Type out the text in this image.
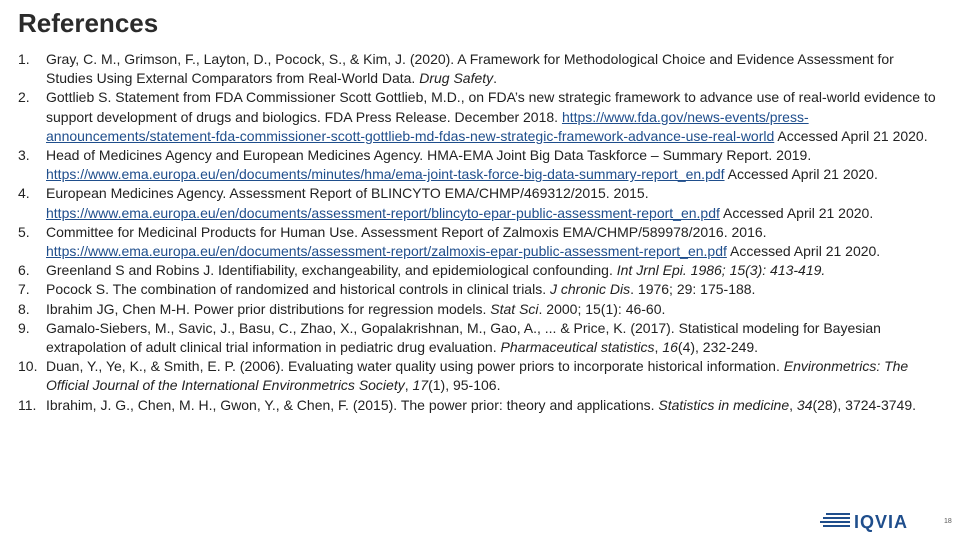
References
1. Gray, C. M., Grimson, F., Layton, D., Pocock, S., & Kim, J. (2020). A Framework for Methodological Choice and Evidence Assessment for Studies Using External Comparators from Real-World Data. Drug Safety.
2. Gottlieb S. Statement from FDA Commissioner Scott Gottlieb, M.D., on FDA’s new strategic framework to advance use of real-world evidence to support development of drugs and biologics. FDA Press Release. December 2018. https://www.fda.gov/news-events/press-announcements/statement-fda-commissioner-scott-gottlieb-md-fdas-new-strategic-framework-advance-use-real-world Accessed April 21 2020.
3. Head of Medicines Agency and European Medicines Agency. HMA-EMA Joint Big Data Taskforce – Summary Report. 2019. https://www.ema.europa.eu/en/documents/minutes/hma/ema-joint-task-force-big-data-summary-report_en.pdf Accessed April 21 2020.
4. European Medicines Agency. Assessment Report of BLINCYTO EMA/CHMP/469312/2015. 2015. https://www.ema.europa.eu/en/documents/assessment-report/blincyto-epar-public-assessment-report_en.pdf Accessed April 21 2020.
5. Committee for Medicinal Products for Human Use. Assessment Report of Zalmoxis EMA/CHMP/589978/2016. 2016. https://www.ema.europa.eu/en/documents/assessment-report/zalmoxis-epar-public-assessment-report_en.pdf Accessed April 21 2020.
6. Greenland S and Robins J. Identifiability, exchangeability, and epidemiological confounding. Int Jrnl Epi. 1986; 15(3): 413-419.
7. Pocock S. The combination of randomized and historical controls in clinical trials. J chronic Dis. 1976; 29: 175-188.
8. Ibrahim JG, Chen M-H. Power prior distributions for regression models. Stat Sci. 2000; 15(1): 46-60.
9. Gamalo‐Siebers, M., Savic, J., Basu, C., Zhao, X., Gopalakrishnan, M., Gao, A., ... & Price, K. (2017). Statistical modeling for Bayesian extrapolation of adult clinical trial information in pediatric drug evaluation. Pharmaceutical statistics, 16(4), 232-249.
10. Duan, Y., Ye, K., & Smith, E. P. (2006). Evaluating water quality using power priors to incorporate historical information. Environmetrics: The Official Journal of the International Environmetrics Society, 17(1), 95-106.
11. Ibrahim, J. G., Chen, M. H., Gwon, Y., & Chen, F. (2015). The power prior: theory and applications. Statistics in medicine, 34(28), 3724-3749.
IQVIA	18
